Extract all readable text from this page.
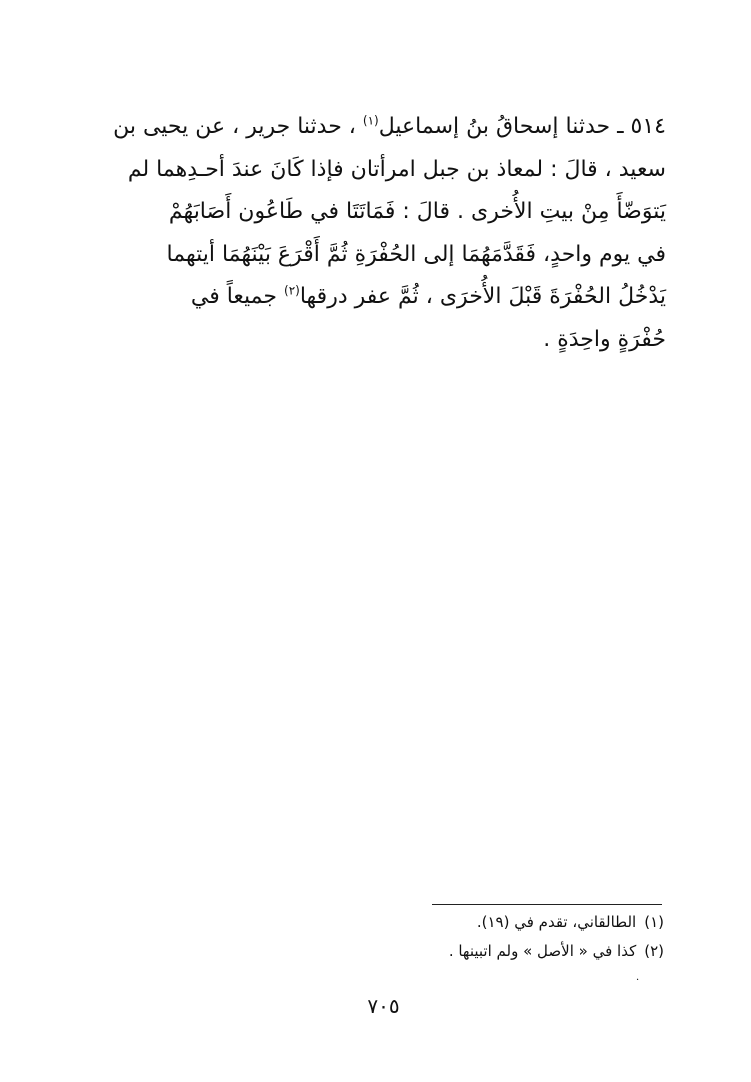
٥١٤ ـ حدثنا إسحاقُ بنُ إسماعيل$^{(١)}$ ، حدثنا جرير ، عن يحيى بن
سعيد ، قالَ : لمعاذ بن جبل امرأتان فإذا كَانَ عندَ أحـدِهما لم
يَتوَضّأَ مِنْ بيتِ الأُخرى . قالَ : فَمَاتَتَا في طَاعُون أَصَابَهُمْ
في يوم واحدٍ، فَقَدَّمَهُمَا إلى الحُفْرَةِ ثُمَّ أَقْرَعَ بَيْنَهُمَا أيتهما
يَدْخُلُ الحُفْرَةَ قَبْلَ الأُخرَى ، ثُمَّ عفر درقها$^{(٢)}$ جميعاً في
حُفْرَةٍ واحِدَةٍ .
(١)الطالقاني، تقدم في (١٩).
(٢)كذا في « الأصل » ولم اتبينها .
·
٧٠٥
